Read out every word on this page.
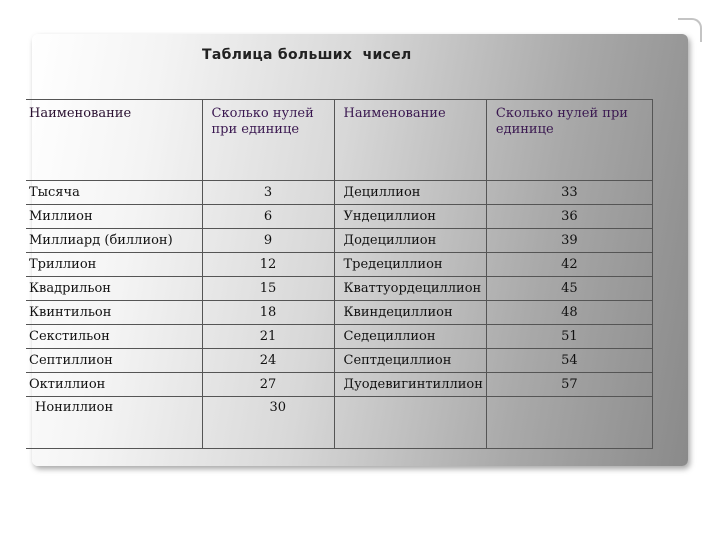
Таблица больших  чисел
Наименование	Сколько нулей при единице	Наименование	Сколько нулей при единице
Тысяча	3	Дециллион	33
Миллион	6	Ундециллион	36
Миллиард (биллион)	9	Додециллион	39
Триллион	12	Тредециллион	42
Квадрильон	15	Кваттуордециллион	45
Квинтильон	18	Квиндециллион	48
Секстильон	21	Седециллион	51
Септиллион	24	Септдециллион	54
Октиллион	27	Дуодевигинтиллион	57
Нониллион	30		
